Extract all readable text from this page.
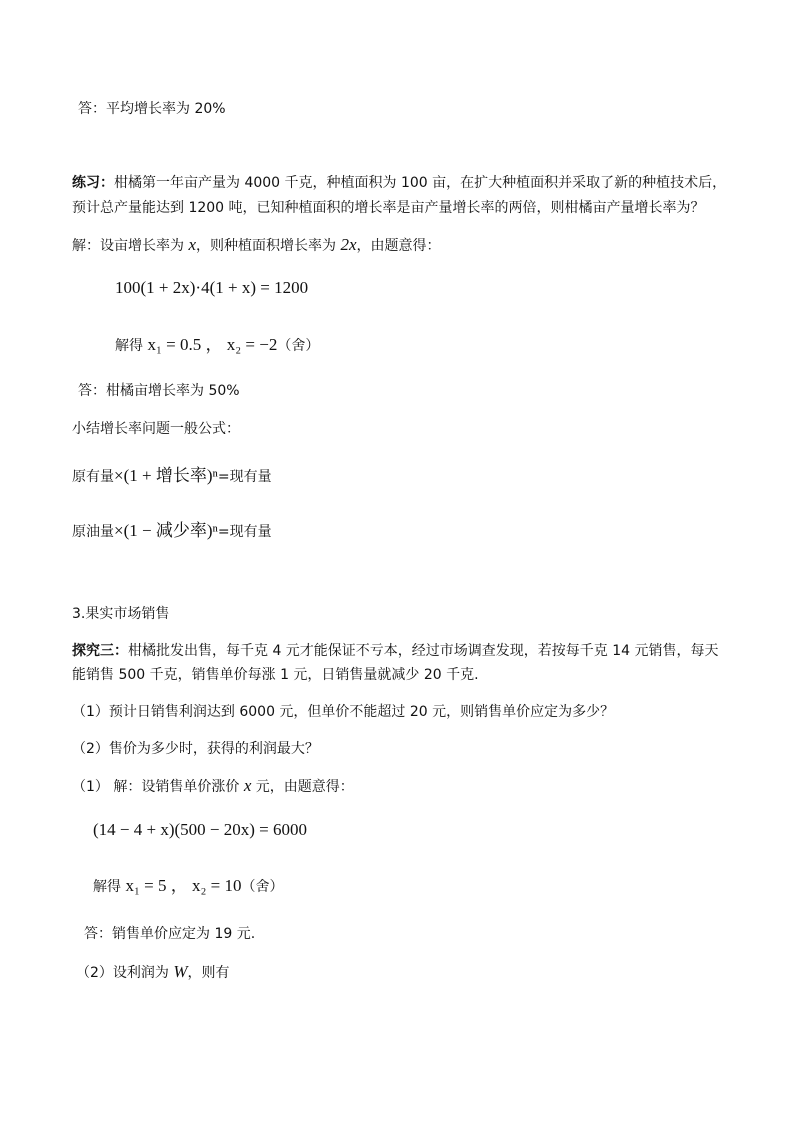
答：平均增长率为 20%
练习：柑橘第一年亩产量为 4000 千克，种植面积为 100 亩，在扩大种植面积并采取了新的种植技术后，
预计总产量能达到 1200 吨，已知种植面积的增长率是亩产量增长率的两倍，则柑橘亩产量增长率为？
解：设亩增长率为 x，则种植面积增长率为 2x，由题意得：
100(1 + 2x)·4(1 + x) = 1200
解得 x₁ = 0.5 ， x₂ = −2（舍）
答：柑橘亩增长率为 50%
小结增长率问题一般公式：
原有量×(1 + 增长率)ⁿ=现有量
原油量×(1 − 减少率)ⁿ=现有量
3.果实市场销售
探究三：柑橘批发出售，每千克 4 元才能保证不亏本，经过市场调查发现，若按每千克 14 元销售，每天
能销售 500 千克，销售单价每涨 1 元，日销售量就减少 20 千克.
（1）预计日销售利润达到 6000 元，但单价不能超过 20 元，则销售单价应定为多少？
（2）售价为多少时，获得的利润最大？
（1） 解：设销售单价涨价 x 元，由题意得：
(14 − 4 + x)(500 − 20x) = 6000
解得 x₁ = 5 ， x₂ = 10（舍）
答：销售单价应定为 19 元.
（2）设利润为 W，则有
